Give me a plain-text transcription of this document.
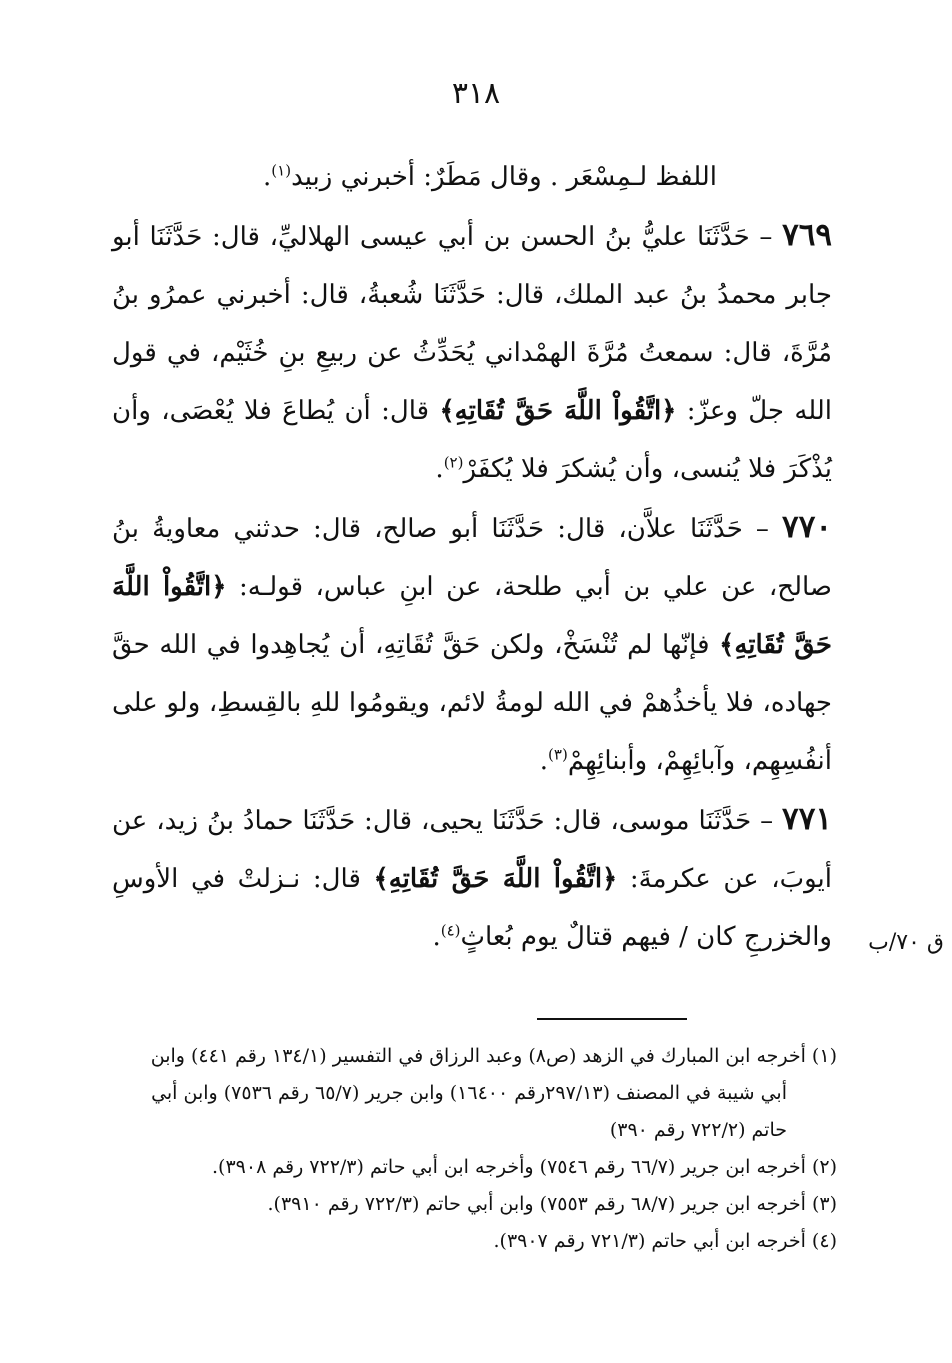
٣١٨

اللفظ لـمِسْعَر . وقال مَطَرٌ: أخبرني زبيد$^{(١)}$.

٧٦٩ – حَدَّثَنَا عليُّ بنُ الحسن بن أبي عيسى الهلاليِّ، قال: حَدَّثَنَا أبو جابر محمدُ بنُ عبد الملك، قال: حَدَّثَنَا شُعبةُ، قال: أخبرني عمرُو بنُ مُرَّةَ، قال: سمعتُ مُرَّةَ الهمْداني يُحَدِّثُ عن ربيعِ بنِ خُثَيْم، في قول الله جلّ وعزّ: ﴿اتَّقُواْ اللَّهَ حَقَّ تُقَاتِهِ﴾ قال: أن يُطاعَ فلا يُعْصَى، وأن يُذْكَرَ فلا يُنسى، وأن يُشكرَ فلا يُكفَرْ$^{(٢)}$.

٧٧٠ – حَدَّثَنَا علاَّن، قال: حَدَّثَنَا أبو صالح، قال: حدثني معاويةُ بنُ صالح، عن علي بن أبي طلحة، عن ابنِ عباس، قولـه: ﴿اتَّقُواْ اللَّهَ حَقَّ تُقَاتِهِ﴾ فإنّها لم تُنْسَخْ، ولكن حَقَّ تُقَاتِهِ، أن يُجاهِدوا في الله حقَّ جهاده، فلا يأخذُهمْ في الله لومةُ لائم، ويقومُوا للهِ بالقِسطِ، ولو على أنفُسِهِم، وآبائِهِمْ، وأبنائِهِمْ$^{(٣)}$.

٧٧١ – حَدَّثَنَا موسى، قال: حَدَّثَنَا يحيى، قال: حَدَّثَنَا حمادُ بنُ زيد، عن أيوبَ، عن عكرمةَ: ﴿اتَّقُواْ اللَّهَ حَقَّ تُقَاتِهِ﴾ قال: نـزلتْ في الأوسِ والخزرجِ كان / فيهم قتالٌ يوم بُعاثٍ$^{(٤)}$.	ق ٧٠/ب

(١) أخرجه ابن المبارك في الزهد (ص٨) وعبد الرزاق في التفسير (١٣٤/١ رقم ٤٤١) وابن
أبي شيبة في المصنف (٢٩٧/١٣رقم ١٦٤٠٠) وابن جرير (٦٥/٧ رقم ٧٥٣٦) وابن أبي
حاتم (٧٢٢/٢ رقم ٣٩٠)

(٢) أخرجه ابن جرير (٦٦/٧ رقم ٧٥٤٦) وأخرجه ابن أبي حاتم (٧٢٢/٣ رقم ٣٩٠٨).

(٣) أخرجه ابن جرير (٦٨/٧ رقم ٧٥٥٣) وابن أبي حاتم (٧٢٢/٣ رقم ٣٩١٠).

(٤) أخرجه ابن أبي حاتم (٧٢١/٣ رقم ٣٩٠٧).
